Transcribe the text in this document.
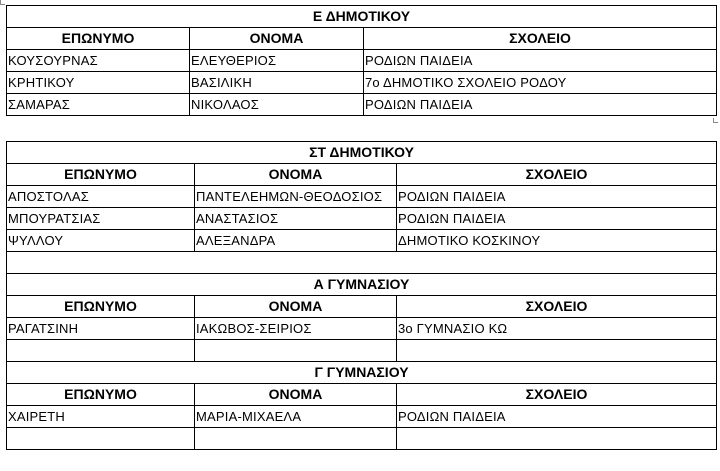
Ε ΔΗΜΟΤΙΚΟΥ		
ΕΠΩΝΥΜΟ	ΟΝΟΜΑ	ΣΧΟΛΕΙΟ
ΚΟΥΣΟΥΡΝΑΣ	ΕΛΕΥΘΕΡΙΟΣ	ΡΟΔΙΩΝ ΠΑΙΔΕΙΑ
ΚΡΗΤΙΚΟΥ	ΒΑΣΙΛΙΚΗ	7ο ΔΗΜΟΤΙΚΟ ΣΧΟΛΕΙΟ ΡΟΔΟΥ
ΣΑΜΑΡΑΣ	ΝΙΚΟΛΑΟΣ	ΡΟΔΙΩΝ ΠΑΙΔΕΙΑ
ΣΤ ΔΗΜΟΤΙΚΟΥ		
ΕΠΩΝΥΜΟ	ΟΝΟΜΑ	ΣΧΟΛΕΙΟ
ΑΠΟΣΤΟΛΑΣ	ΠΑΝΤΕΛΕΗΜΩΝ-ΘΕΟΔΟΣΙΟΣ	ΡΟΔΙΩΝ ΠΑΙΔΕΙΑ
ΜΠΟΥΡΑΤΣΙΑΣ	ΑΝΑΣΤΑΣΙΟΣ	ΡΟΔΙΩΝ ΠΑΙΔΕΙΑ
ΨΥΛΛΟΥ	ΑΛΕΞΑΝΔΡΑ	ΔΗΜΟΤΙΚΟ ΚΟΣΚΙΝΟΥ

Α ΓΥΜΝΑΣΙΟΥ		
ΕΠΩΝΥΜΟ	ΟΝΟΜΑ	ΣΧΟΛΕΙΟ
ΡΑΓΑΤΣΙΝΗ	ΙΑΚΩΒΟΣ-ΣΕΙΡΙΟΣ	3ο ΓΥΜΝΑΣΙΟ ΚΩ

Γ ΓΥΜΝΑΣΙΟΥ		
ΕΠΩΝΥΜΟ	ΟΝΟΜΑ	ΣΧΟΛΕΙΟ
ΧΑΙΡΕΤΗ	ΜΑΡΙΑ-ΜΙΧΑΕΛΑ	ΡΟΔΙΩΝ ΠΑΙΔΕΙΑ
